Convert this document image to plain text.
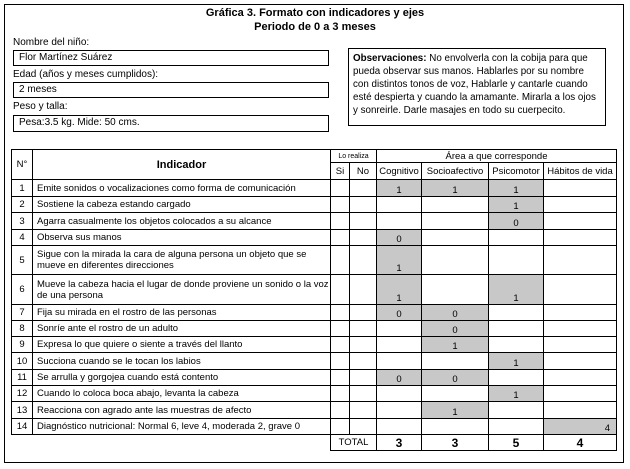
Gráfica 3. Formato con indicadores y ejes
Periodo de 0 a 3 meses
Nombre del niño:
Flor Martínez Suárez
Edad (años y meses cumplidos):
2 meses
Peso y talla:
Pesa:3.5 kg. Mide: 50 cms.
Observaciones: No envolverla con la cobija para que pueda observar sus manos. Hablarles por su nombre con distintos tonos de voz, Hablarle y cantarle cuando esté despierta y cuando la amamante. Mirarla a los ojos y sonreirle. Darle masajes en todo su cuerpecito.
N°	Indicador	Lo realiza		Área a que corresponde			
		Si	No	Cognitivo	Socioafectivo	Psicomotor	Hábitos de vida
1	Emite sonidos o vocalizaciones como forma de comunicación			1	1	1	
2	Sostiene la cabeza estando cargado					1	
3	Agarra casualmente los objetos colocados a su alcance					0	
4	Observa sus manos			0			
5	Sigue con la mirada la cara de alguna persona un objeto que se mueve en diferentes direcciones			1			
6	Mueve la cabeza hacia el lugar de donde proviene un sonido o la voz de una persona			1		1	
7	Fija su mirada en el rostro de las personas			0	0		
8	Sonríe ante el rostro de un adulto				0		
9	Expresa lo que quiere o siente a través del llanto				1		
10	Succiona cuando se le tocan los labios					1	
11	Se arrulla y gorgojea cuando está contento			0	0		
12	Cuando lo coloca boca abajo, levanta la cabeza					1	
13	Reacciona con agrado ante las muestras de afecto				1		
14	Diagnóstico nutricional: Normal 6, leve 4, moderada 2, grave 0						4
		TOTAL		3	3	5	4
